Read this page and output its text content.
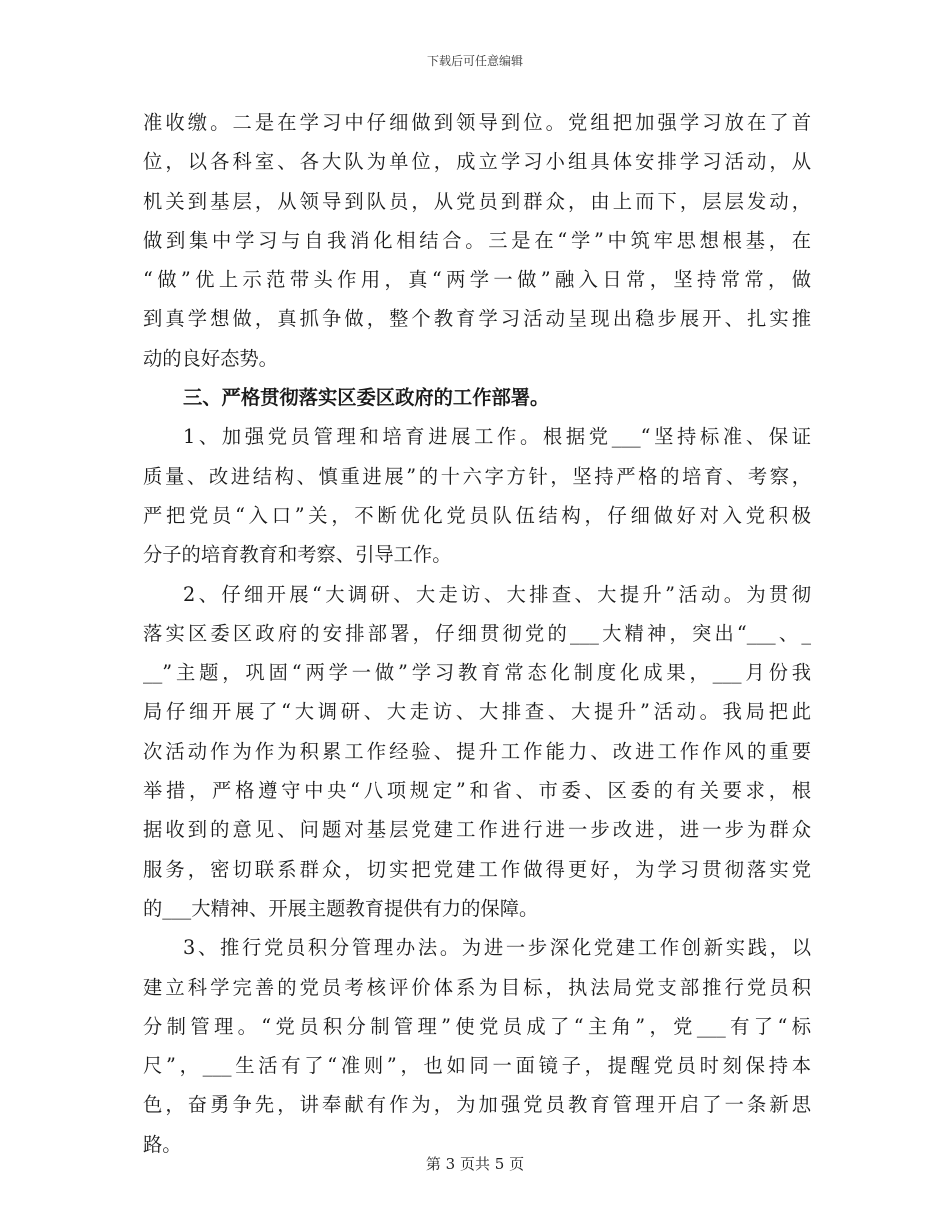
下载后可任意编辑
准收缴。二是在学习中仔细做到领导到位。党组把加强学习放在了首
位，以各科室、各大队为单位，成立学习小组具体安排学习活动，从
机关到基层，从领导到队员，从党员到群众，由上而下，层层发动，
做到集中学习与自我消化相结合。三是在“学”中筑牢思想根基，在
“做”优上示范带头作用，真“两学一做”融入日常，坚持常常，做
到真学想做，真抓争做，整个教育学习活动呈现出稳步展开、扎实推
动的良好态势。
三、严格贯彻落实区委区政府的工作部署。
1、加强党员管理和培育进展工作。根据党___“坚持标准、保证
质量、改进结构、慎重进展”的十六字方针，坚持严格的培育、考察，
严把党员“入口”关，不断优化党员队伍结构，仔细做好对入党积极
分子的培育教育和考察、引导工作。
2、仔细开展“大调研、大走访、大排查、大提升”活动。为贯彻
落实区委区政府的安排部署，仔细贯彻党的___大精神，突出“___、_
__”主题，巩固“两学一做”学习教育常态化制度化成果，___月份我
局仔细开展了“大调研、大走访、大排查、大提升”活动。我局把此
次活动作为作为积累工作经验、提升工作能力、改进工作作风的重要
举措，严格遵守中央“八项规定”和省、市委、区委的有关要求，根
据收到的意见、问题对基层党建工作进行进一步改进，进一步为群众
服务，密切联系群众，切实把党建工作做得更好，为学习贯彻落实党
的___大精神、开展主题教育提供有力的保障。
3、推行党员积分管理办法。为进一步深化党建工作创新实践，以
建立科学完善的党员考核评价体系为目标，执法局党支部推行党员积
分制管理。“党员积分制管理”使党员成了“主角”，党___有了“标
尺”，___生活有了“准则”，也如同一面镜子，提醒党员时刻保持本
色，奋勇争先，讲奉献有作为，为加强党员教育管理开启了一条新思
路。
第 3 页共 5 页
